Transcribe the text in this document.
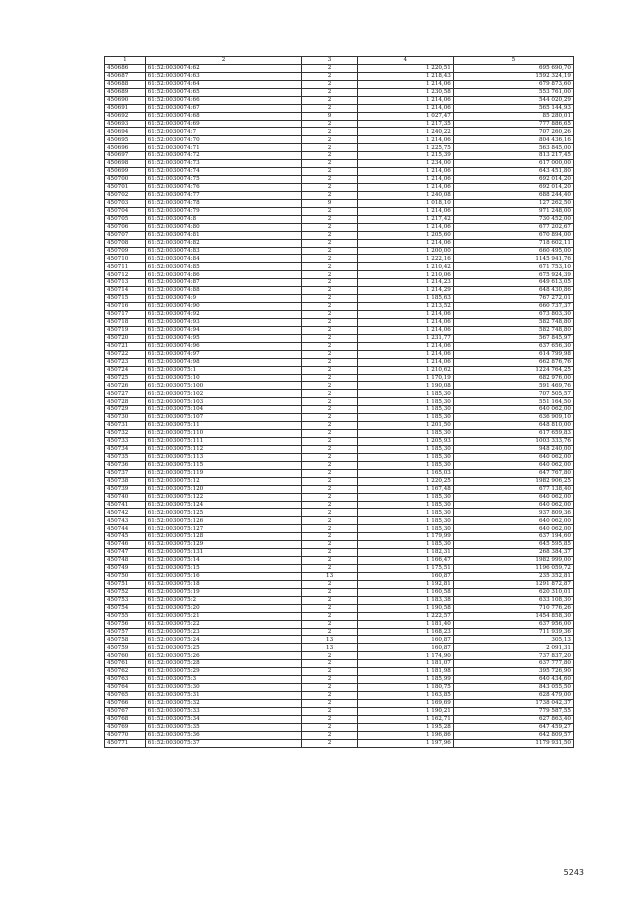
1	2	3	4	5
450686	61:52:0030074:62	2	1 220,51	695 690,70
450687	61:52:0030074:63	2	1 218,43	1592 324,19
450688	61:52:0030074:64	2	1 214,06	679 873,60
450689	61:52:0030074:65	2	1 230,58	553 761,00
450690	61:52:0030074:66	2	1 214,06	544 020,29
450691	61:52:0030074:67	2	1 214,06	565 144,93
450692	61:52:0030074:68	9	1 027,47	85 280,01
450693	61:52:0030074:69	2	1 217,35	777 886,65
450694	61:52:0030074:7	2	1 240,22	707 260,26
450695	61:52:0030074:70	2	1 214,06	804 436,16
450696	61:52:0030074:71	2	1 225,75	563 845,00
450697	61:52:0030074:72	2	1 215,39	813 217,45
450698	61:52:0030074:73	2	1 234,00	617 000,00
450699	61:52:0030074:74	2	1 214,06	643 451,80
450700	61:52:0030074:75	2	1 214,06	692 014,20
450701	61:52:0030074:76	2	1 214,06	692 014,20
450702	61:52:0030074:77	2	1 240,08	688 244,40
450703	61:52:0030074:78	9	1 018,10	127 262,50
450704	61:52:0030074:79	2	1 214,06	971 248,00
450705	61:52:0030074:8	2	1 217,42	730 452,00
450706	61:52:0030074:80	2	1 214,06	677 202,67
450707	61:52:0030074:81	2	1 205,60	670 894,00
450708	61:52:0030074:82	2	1 214,06	718 602,11
450709	61:52:0030074:83	2	1 200,00	660 495,00
450710	61:52:0030074:84	2	1 222,16	1145 941,76
450711	61:52:0030074:85	2	1 210,42	671 753,10
450712	61:52:0030074:86	2	1 210,06	675 924,39
450713	61:52:0030074:87	2	1 214,23	649 613,05
450714	61:52:0030074:88	2	1 214,29	648 430,86
450715	61:52:0030074:9	2	1 185,63	767 272,01
450716	61:52:0030074:90	2	1 213,52	660 737,37
450717	61:52:0030074:92	2	1 214,06	673 803,30
450718	61:52:0030074:93	2	1 214,06	582 748,80
450719	61:52:0030074:94	2	1 214,06	582 748,80
450720	61:52:0030074:95	2	1 231,77	567 845,97
450721	61:52:0030074:96	2	1 214,06	637 656,30
450722	61:52:0030074:97	2	1 214,06	614 799,98
450723	61:52:0030074:98	2	1 214,06	662 876,76
450724	61:52:0030075:1	2	1 210,62	1224 764,25
450725	61:52:0030075:10	2	1 170,19	682 976,00
450726	61:52:0030075:100	2	1 190,08	591 469,76
450727	61:52:0030075:102	2	1 185,30	707 505,57
450728	61:52:0030075:103	2	1 185,30	551 164,50
450729	61:52:0030075:104	2	1 185,30	640 062,00
450730	61:52:0030075:107	2	1 185,30	636 909,10
450731	61:52:0030075:11	2	1 201,50	648 810,00
450732	61:52:0030075:110	2	1 185,30	617 659,83
450733	61:52:0030075:111	2	1 205,93	1003 333,76
450734	61:52:0030075:112	2	1 185,30	948 240,00
450735	61:52:0030075:113	2	1 185,30	640 062,00
450736	61:52:0030075:115	2	1 185,30	640 062,00
450737	61:52:0030075:119	2	1 165,03	647 767,80
450738	61:52:0030075:12	2	1 220,25	1982 906,25
450739	61:52:0030075:120	2	1 167,48	677 138,40
450740	61:52:0030075:122	2	1 185,30	640 062,00
450741	61:52:0030075:124	2	1 185,30	640 062,00
450742	61:52:0030075:125	2	1 185,30	937 809,36
450743	61:52:0030075:126	2	1 185,30	640 062,00
450744	61:52:0030075:127	2	1 185,30	640 062,00
450745	61:52:0030075:128	2	1 179,99	637 194,60
450746	61:52:0030075:129	2	1 185,30	645 595,85
450747	61:52:0030075:131	2	1 182,31	268 384,37
450748	61:52:0030075:14	2	1 166,47	1982 999,00
450749	61:52:0030075:15	2	1 175,51	1196 059,72
450750	61:52:0030075:16	13	160,87	235 352,81
450751	61:52:0030075:18	2	1 192,81	1291 872,87
450752	61:52:0030075:19	2	1 160,58	620 310,01
450753	61:52:0030075:2	2	1 183,38	633 108,30
450754	61:52:0030075:20	2	1 190,58	710 776,26
450755	61:52:0030075:21	2	1 222,57	1454 858,30
450756	61:52:0030075:22	2	1 181,40	637 956,00
450757	61:52:0030075:23	2	1 168,23	711 939,36
450758	61:52:0030075:24	13	160,87	305,13
450759	61:52:0030075:25	13	160,87	2 091,31
450760	61:52:0030075:26	2	1 174,90	737 837,20
450761	61:52:0030075:28	2	1 181,07	637 777,80
450762	61:52:0030075:29	2	1 181,98	395 726,90
450763	61:52:0030075:3	2	1 185,99	640 434,60
450764	61:52:0030075:30	2	1 180,75	843 055,50
450765	61:52:0030075:31	2	1 163,85	628 479,00
450766	61:52:0030075:32	2	1 169,69	1738 042,37
450767	61:52:0030075:33	2	1 190,21	779 587,55
450768	61:52:0030075:34	2	1 162,71	627 863,40
450769	61:52:0030075:35	2	1 195,28	647 459,27
450770	61:52:0030075:36	2	1 196,86	642 809,57
450771	61:52:0030075:37	2	1 197,96	1179 931,50
5243
